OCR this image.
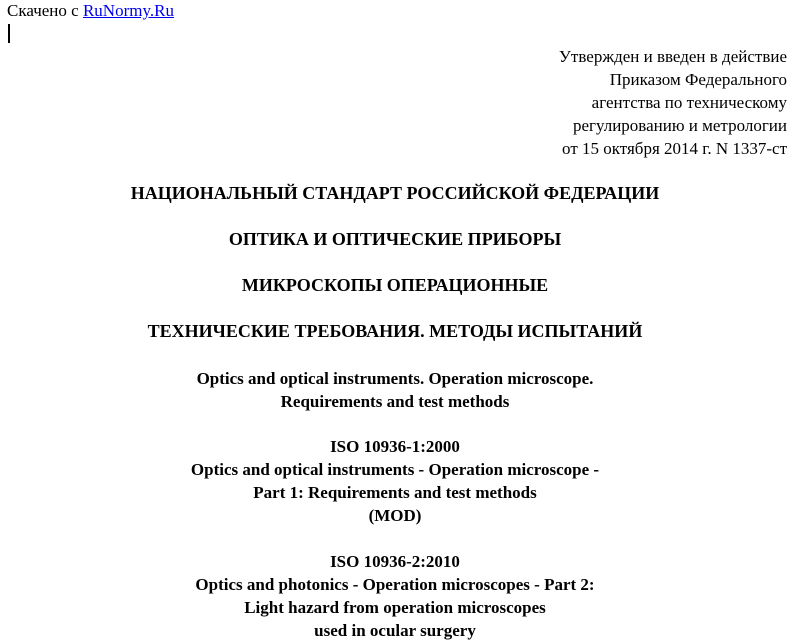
Скачено с RuNormy.Ru
Утвержден и введен в действие
Приказом Федерального
агентства по техническому
регулированию и метрологии
от 15 октября 2014 г. N 1337-ст
НАЦИОНАЛЬНЫЙ СТАНДАРТ РОССИЙСКОЙ ФЕДЕРАЦИИ
ОПТИКА И ОПТИЧЕСКИЕ ПРИБОРЫ
МИКРОСКОПЫ ОПЕРАЦИОННЫЕ
ТЕХНИЧЕСКИЕ ТРЕБОВАНИЯ. МЕТОДЫ ИСПЫТАНИЙ
Optics and optical instruments. Operation microscope.
Requirements and test methods
ISO 10936-1:2000
Optics and optical instruments - Operation microscope -
Part 1: Requirements and test methods
(MOD)
ISO 10936-2:2010
Optics and photonics - Operation microscopes - Part 2:
Light hazard from operation microscopes
used in ocular surgery
